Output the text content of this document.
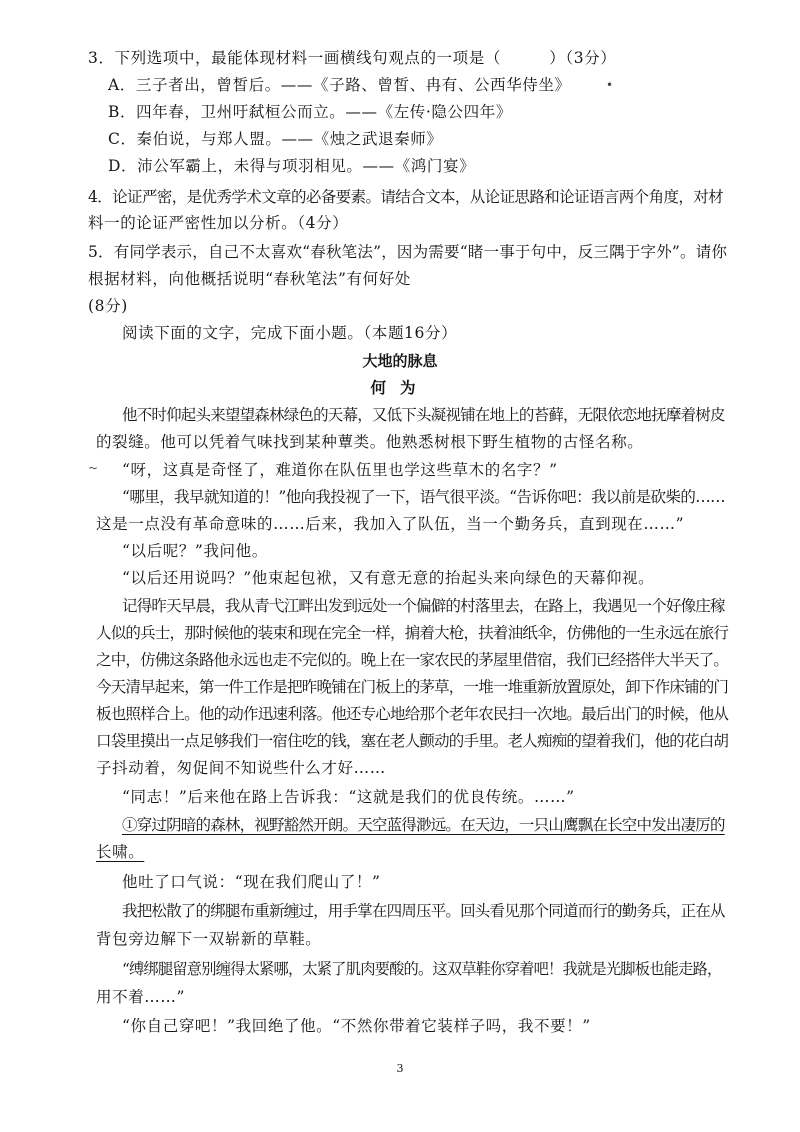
3．下列选项中，最能体现材料一画横线句观点的一项是（　　　）（3分）
A．三子者出，曾皙后。——《子路、曾皙、冉有、公西华侍坐》
B．四年春，卫州吁弑桓公而立。——《左传·隐公四年》
C．秦伯说，与郑人盟。——《烛之武退秦师》
D．沛公军霸上，未得与项羽相见。——《鸿门宴》
•
4．论证严密，是优秀学术文章的必备要素。请结合文本，从论证思路和论证语言两个角度，对材
料一的论证严密性加以分析。（4分）
5．有同学表示，自己不太喜欢“春秋笔法”，因为需要“睹一事于句中，反三隅于字外”。请你
根据材料，向他概括说明“春秋笔法”有何好处
(8分)
阅读下面的文字，完成下面小题。（本题16分）
大地的脉息
何为
他不时仰起头来望望森林绿色的天幕，又低下头凝视铺在地上的苔藓，无限依恋地抚摩着树皮
的裂缝。他可以凭着气味找到某种蕈类。他熟悉树根下野生植物的古怪名称。
~ “呀，这真是奇怪了，难道你在队伍里也学这些草木的名字？”
“哪里，我早就知道的！”他向我投视了一下，语气很平淡。“告诉你吧：我以前是砍柴的……
这是一点没有革命意味的……后来，我加入了队伍，当一个勤务兵，直到现在……”
“以后呢？”我问他。
“以后还用说吗？”他束起包袱，又有意无意的抬起头来向绿色的天幕仰视。
记得昨天早晨，我从青弋江畔出发到远处一个偏僻的村落里去，在路上，我遇见一个好像庄稼
人似的兵士，那时候他的装束和现在完全一样，掮着大枪，扶着油纸伞，仿佛他的一生永远在旅行
之中，仿佛这条路他永远也走不完似的。晚上在一家农民的茅屋里借宿，我们已经搭伴大半天了。
今天清早起来，第一件工作是把昨晚铺在门板上的茅草，一堆一堆重新放置原处，卸下作床铺的门
板也照样合上。他的动作迅速利落。他还专心地给那个老年农民扫一次地。最后出门的时候，他从
口袋里摸出一点足够我们一宿住吃的钱，塞在老人颤动的手里。老人痴痴的望着我们，他的花白胡
子抖动着，匆促间不知说些什么才好……
“同志！”后来他在路上告诉我：“这就是我们的优良传统。……”
①穿过阴暗的森林，视野豁然开朗。天空蓝得渺远。在天边，一只山鹰飘在长空中发出凄厉的
长啸。
他吐了口气说：“现在我们爬山了！”
我把松散了的绑腿布重新缠过，用手掌在四周压平。回头看见那个同道而行的勤务兵，正在从
背包旁边解下一双崭新的草鞋。
“缚绑腿留意别缠得太紧哪，太紧了肌肉要酸的。这双草鞋你穿着吧！我就是光脚板也能走路，
用不着……”
“你自己穿吧！”我回绝了他。“不然你带着它装样子吗，我不要！”
3
